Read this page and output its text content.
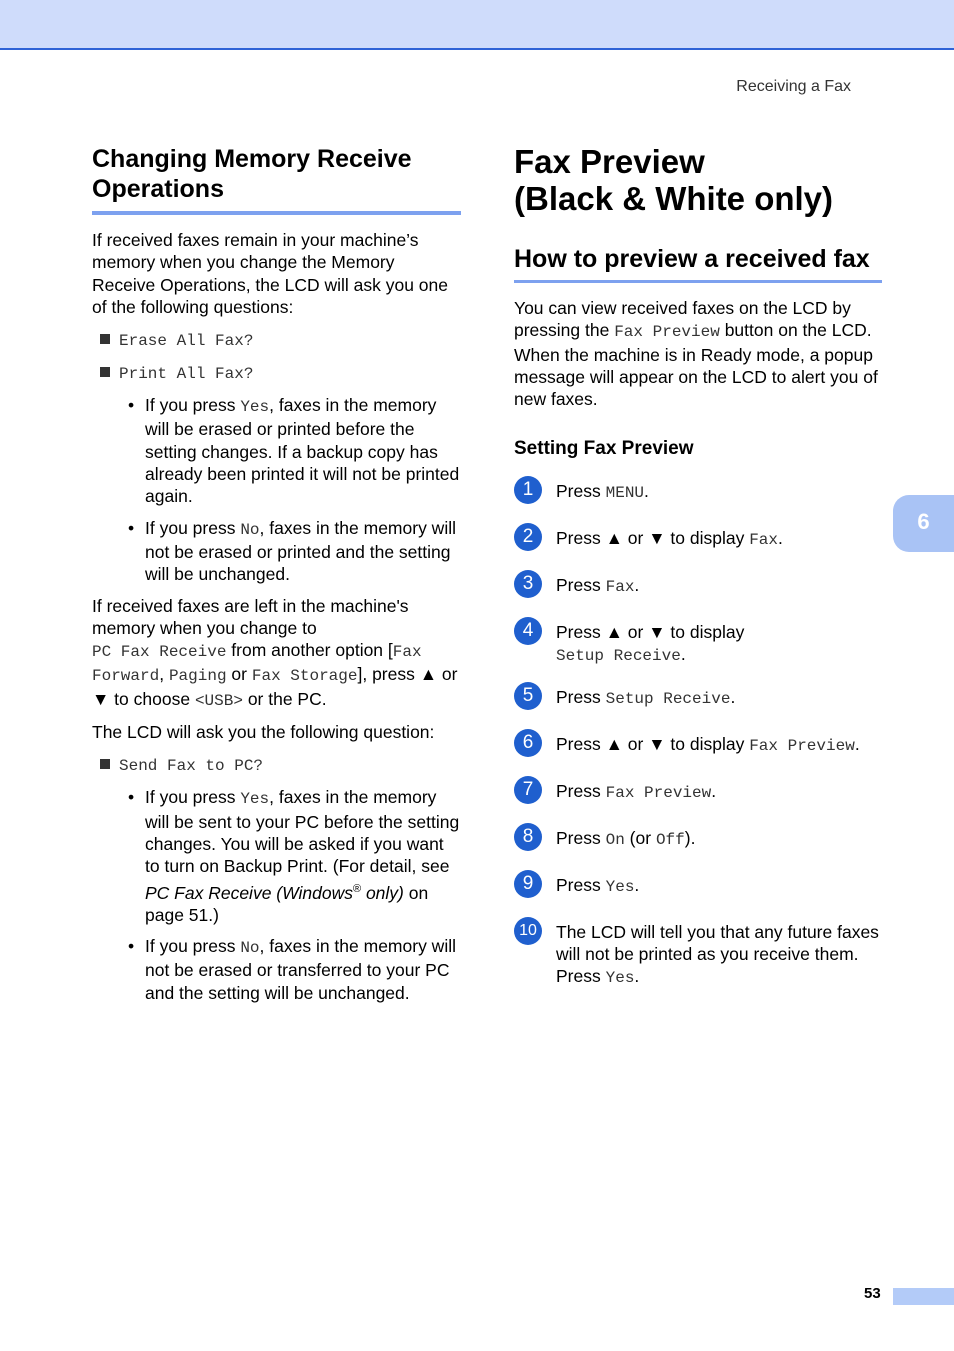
Receiving a Fax
6
Changing Memory Receive Operations

If received faxes remain in your machine’s memory when you change the Memory Receive Operations, the LCD will ask you one of the following questions:

Erase All Fax?
Print All Fax?
• If you press Yes, faxes in the memory will be erased or printed before the setting changes. If a backup copy has already been printed it will not be printed again.
• If you press No, faxes in the memory will not be erased or printed and the setting will be unchanged.

If received faxes are left in the machine's memory when you change to
PC Fax Receive from another option [Fax Forward, Paging or Fax Storage], press ▲ or ▼ to choose <USB> or the PC.

The LCD will ask you the following question:

Send Fax to PC?
• If you press Yes, faxes in the memory will be sent to your PC before the setting changes. You will be asked if you want to turn on Backup Print. (For detail, see PC Fax Receive (Windows® only) on page 51.)
• If you press No, faxes in the memory will not be erased or transferred to your PC and the setting will be unchanged.
Fax Preview
(Black & White only)
How to preview a received fax

You can view received faxes on the LCD by pressing the Fax Preview button on the LCD. When the machine is in Ready mode, a popup message will appear on the LCD to alert you of new faxes.

Setting Fax Preview
1	Press MENU.
2	Press ▲ or ▼ to display Fax.
3	Press Fax.
4	Press ▲ or ▼ to display
Setup Receive.
5	Press Setup Receive.
6	Press ▲ or ▼ to display Fax Preview.
7	Press Fax Preview.
8	Press On (or Off).
9	Press Yes.
10 The LCD will tell you that any future faxes will not be printed as you receive them.
Press Yes.
53
